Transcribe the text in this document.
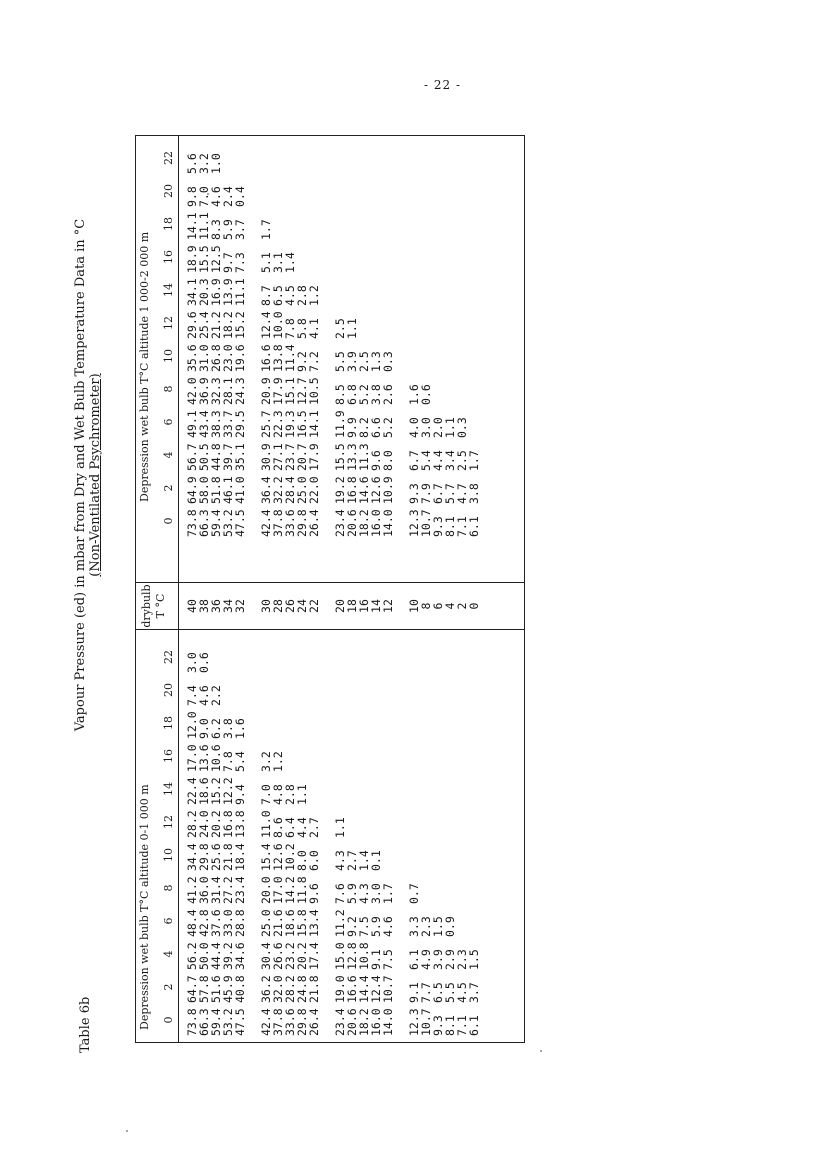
- 22 -
Table 6b
Vapour Pressure (ed) in mbar from Dry and Wet Bulb Temperature Data in °C (Non-Ventilated Psychrometer)
Depression wet bulb T°C altitude 0-1 000 m
0
2
4
6
8
10
12
14
16
18
20
22
drybulb
T °C
Depression wet bulb T°C altitude 1 000-2 000 m
0
2
4
6
8
10
12
14
16
18
20
22
73.8
66.3
59.4
53.2
47.5 42.4
37.8
33.6
29.8
26.4 23.4
20.6
18.2
16.0
14.0 12.3
10.7
9.3
8.1
7.1
6.1
64.7
57.8
51.6
45.9
40.8 36.2
32.0
28.2
24.8
21.8 19.0
16.6
14.4
12.4
10.7 9.1
7.7
6.5
5.5
4.5
3.7
56.2
50.0
44.4
39.2
34.6 30.4
26.6
23.2
20.2
17.4 15.0
12.8
10.8
9.1
7.5 6.1
4.9
3.9
2.9
2.3
1.5
48.4
42.8
37.6
33.0
28.8 25.0
21.6
18.6
15.8
13.4 11.2
9.2
7.5
5.9
4.6 3.3
2.3
1.5
0.9
41.2
36.0
31.4
27.2
23.4 20.0
17.0
14.2
11.8
9.6 7.6
5.9
4.3
3.0
1.7 0.7
34.4
29.8
25.6
21.8
18.4 15.4
12.6
10.2
8.0
6.0 4.3
2.7
1.4
0.1
28.2
24.0
20.2
16.8
13.8 11.0
8.6
6.4
4.4
2.7 1.1
22.4
18.6
15.2
12.2
9.4 7.0
4.8
2.8
1.1
17.0
13.6
10.6
7.8
5.4 3.2
1.2
12.0
9.0
6.2
3.8
1.6
7.4
4.6
2.2
3.0
0.6
40
38
36
34
32 30
28
26
24
22 20
18
16
14
12 10
8
6
4
2
0
73.8
66.3
59.4
53.2
47.5 42.4
37.8
33.6
29.8
26.4 23.4
20.6
18.2
16.0
14.0 12.3
10.7
9.3
8.1
7.1
6.1
64.9
58.0
51.8
46.1
41.0 36.4
32.2
28.4
25.0
22.0 19.2
16.8
14.6
12.6
10.9 9.3
7.9
6.7
5.7
4.7
3.8
56.7
50.5
44.8
39.7
35.1 30.9
27.1
23.7
20.7
17.9 15.5
13.3
11.3
9.6
8.0 6.7
5.4
4.4
3.4
2.5
1.7
49.1
43.4
38.3
33.7
29.5 25.7
22.3
19.3
16.5
14.1 11.9
9.9
8.2
6.6
5.2 4.0
3.0
2.0
1.1
0.3
42.0
36.9
32.3
28.1
24.3 20.9
17.9
15.1
12.7
10.5 8.5
6.8
5.2
3.8
2.6 1.6
0.6
35.6
31.0
26.8
23.0
19.6 16.6
13.8
11.4
9.2
7.2 5.5
3.9
2.5
1.3
0.3
29.6
25.4
21.2
18.2
15.2 12.4
10.0
7.8
5.8
4.1 2.5
1.1
34.1
20.3
16.9
13.9
11.1 8.7
6.5
4.5
2.8
1.2
18.9
15.5
12.5
9.7
7.3 5.1
3.1
1.4
14.1
11.1
8.3
5.9
3.7 1.7
9.8
7.0
4.6
2.4
0.4
5.6
3.2
1.0
